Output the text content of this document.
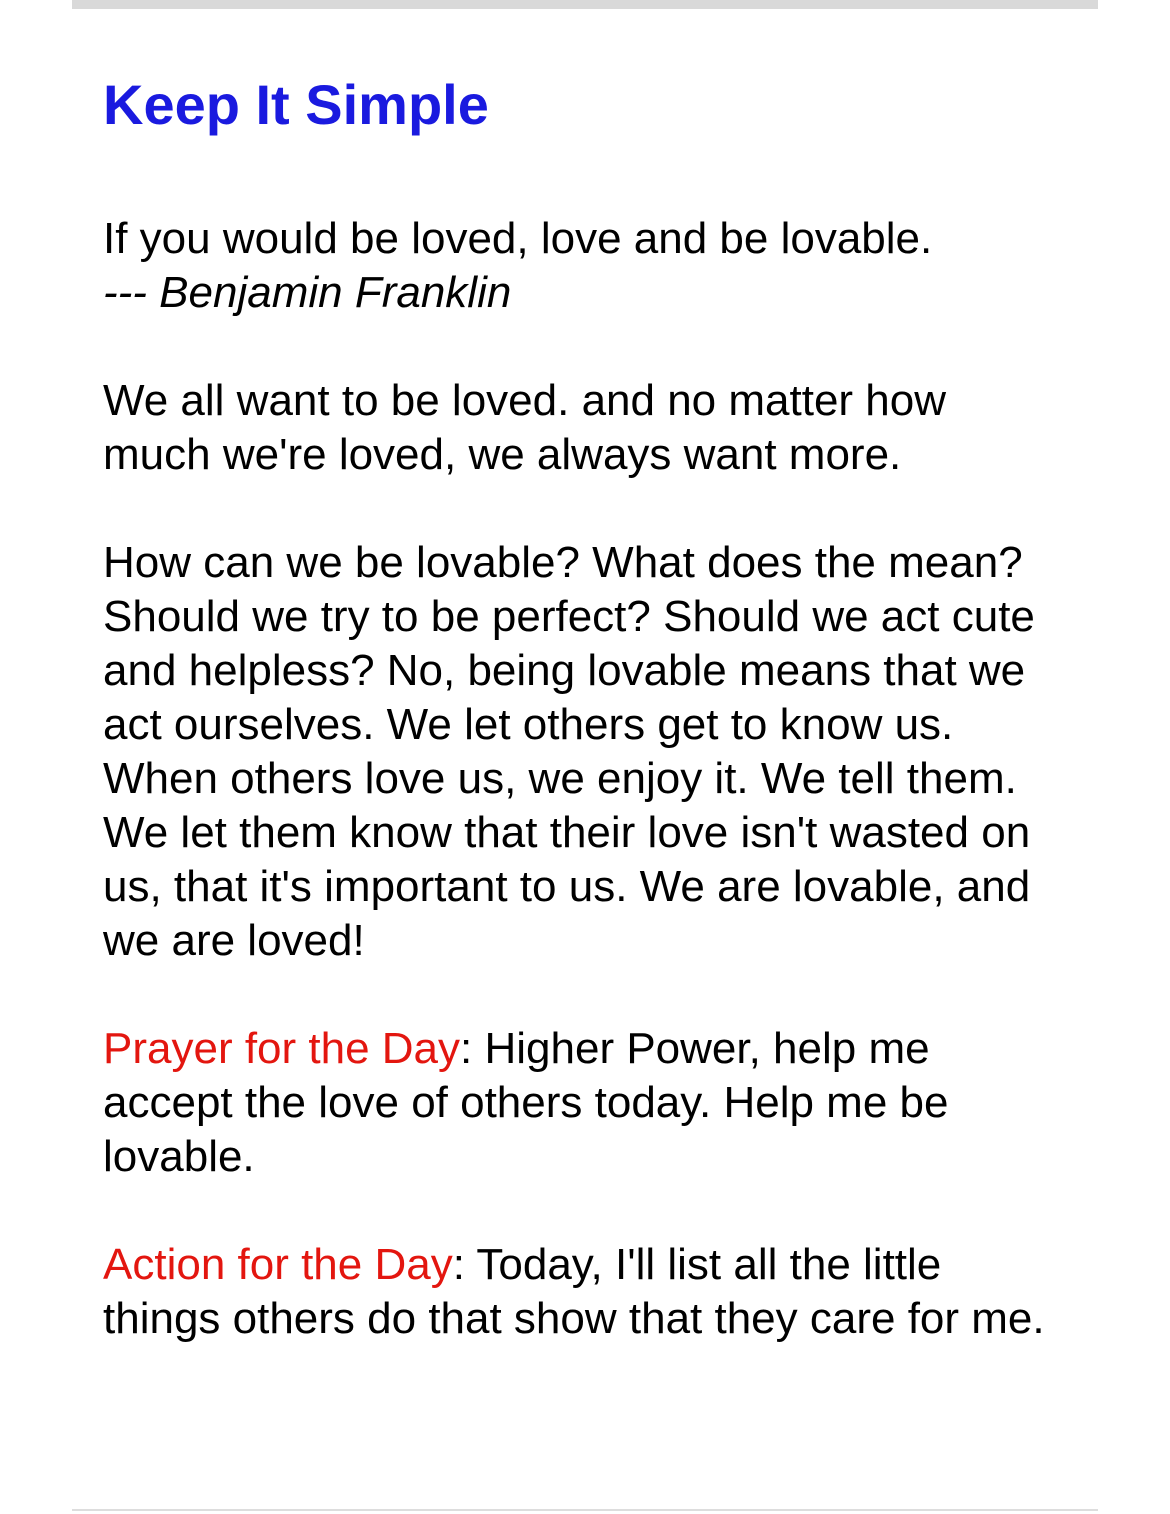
Keep It Simple

If you would be loved, love and be lovable.
--- Benjamin Franklin

We all want to be loved. and no matter how much we're loved, we always want more.

How can we be lovable? What does the mean? Should we try to be perfect? Should we act cute and helpless? No, being lovable means that we act ourselves. We let others get to know us. When others love us, we enjoy it. We tell them. We let them know that their love isn't wasted on us, that it's important to us. We are lovable, and we are loved!

Prayer for the Day: Higher Power, help me accept the love of others today. Help me be lovable.

Action for the Day: Today, I'll list all the little things others do that show that they care for me.
